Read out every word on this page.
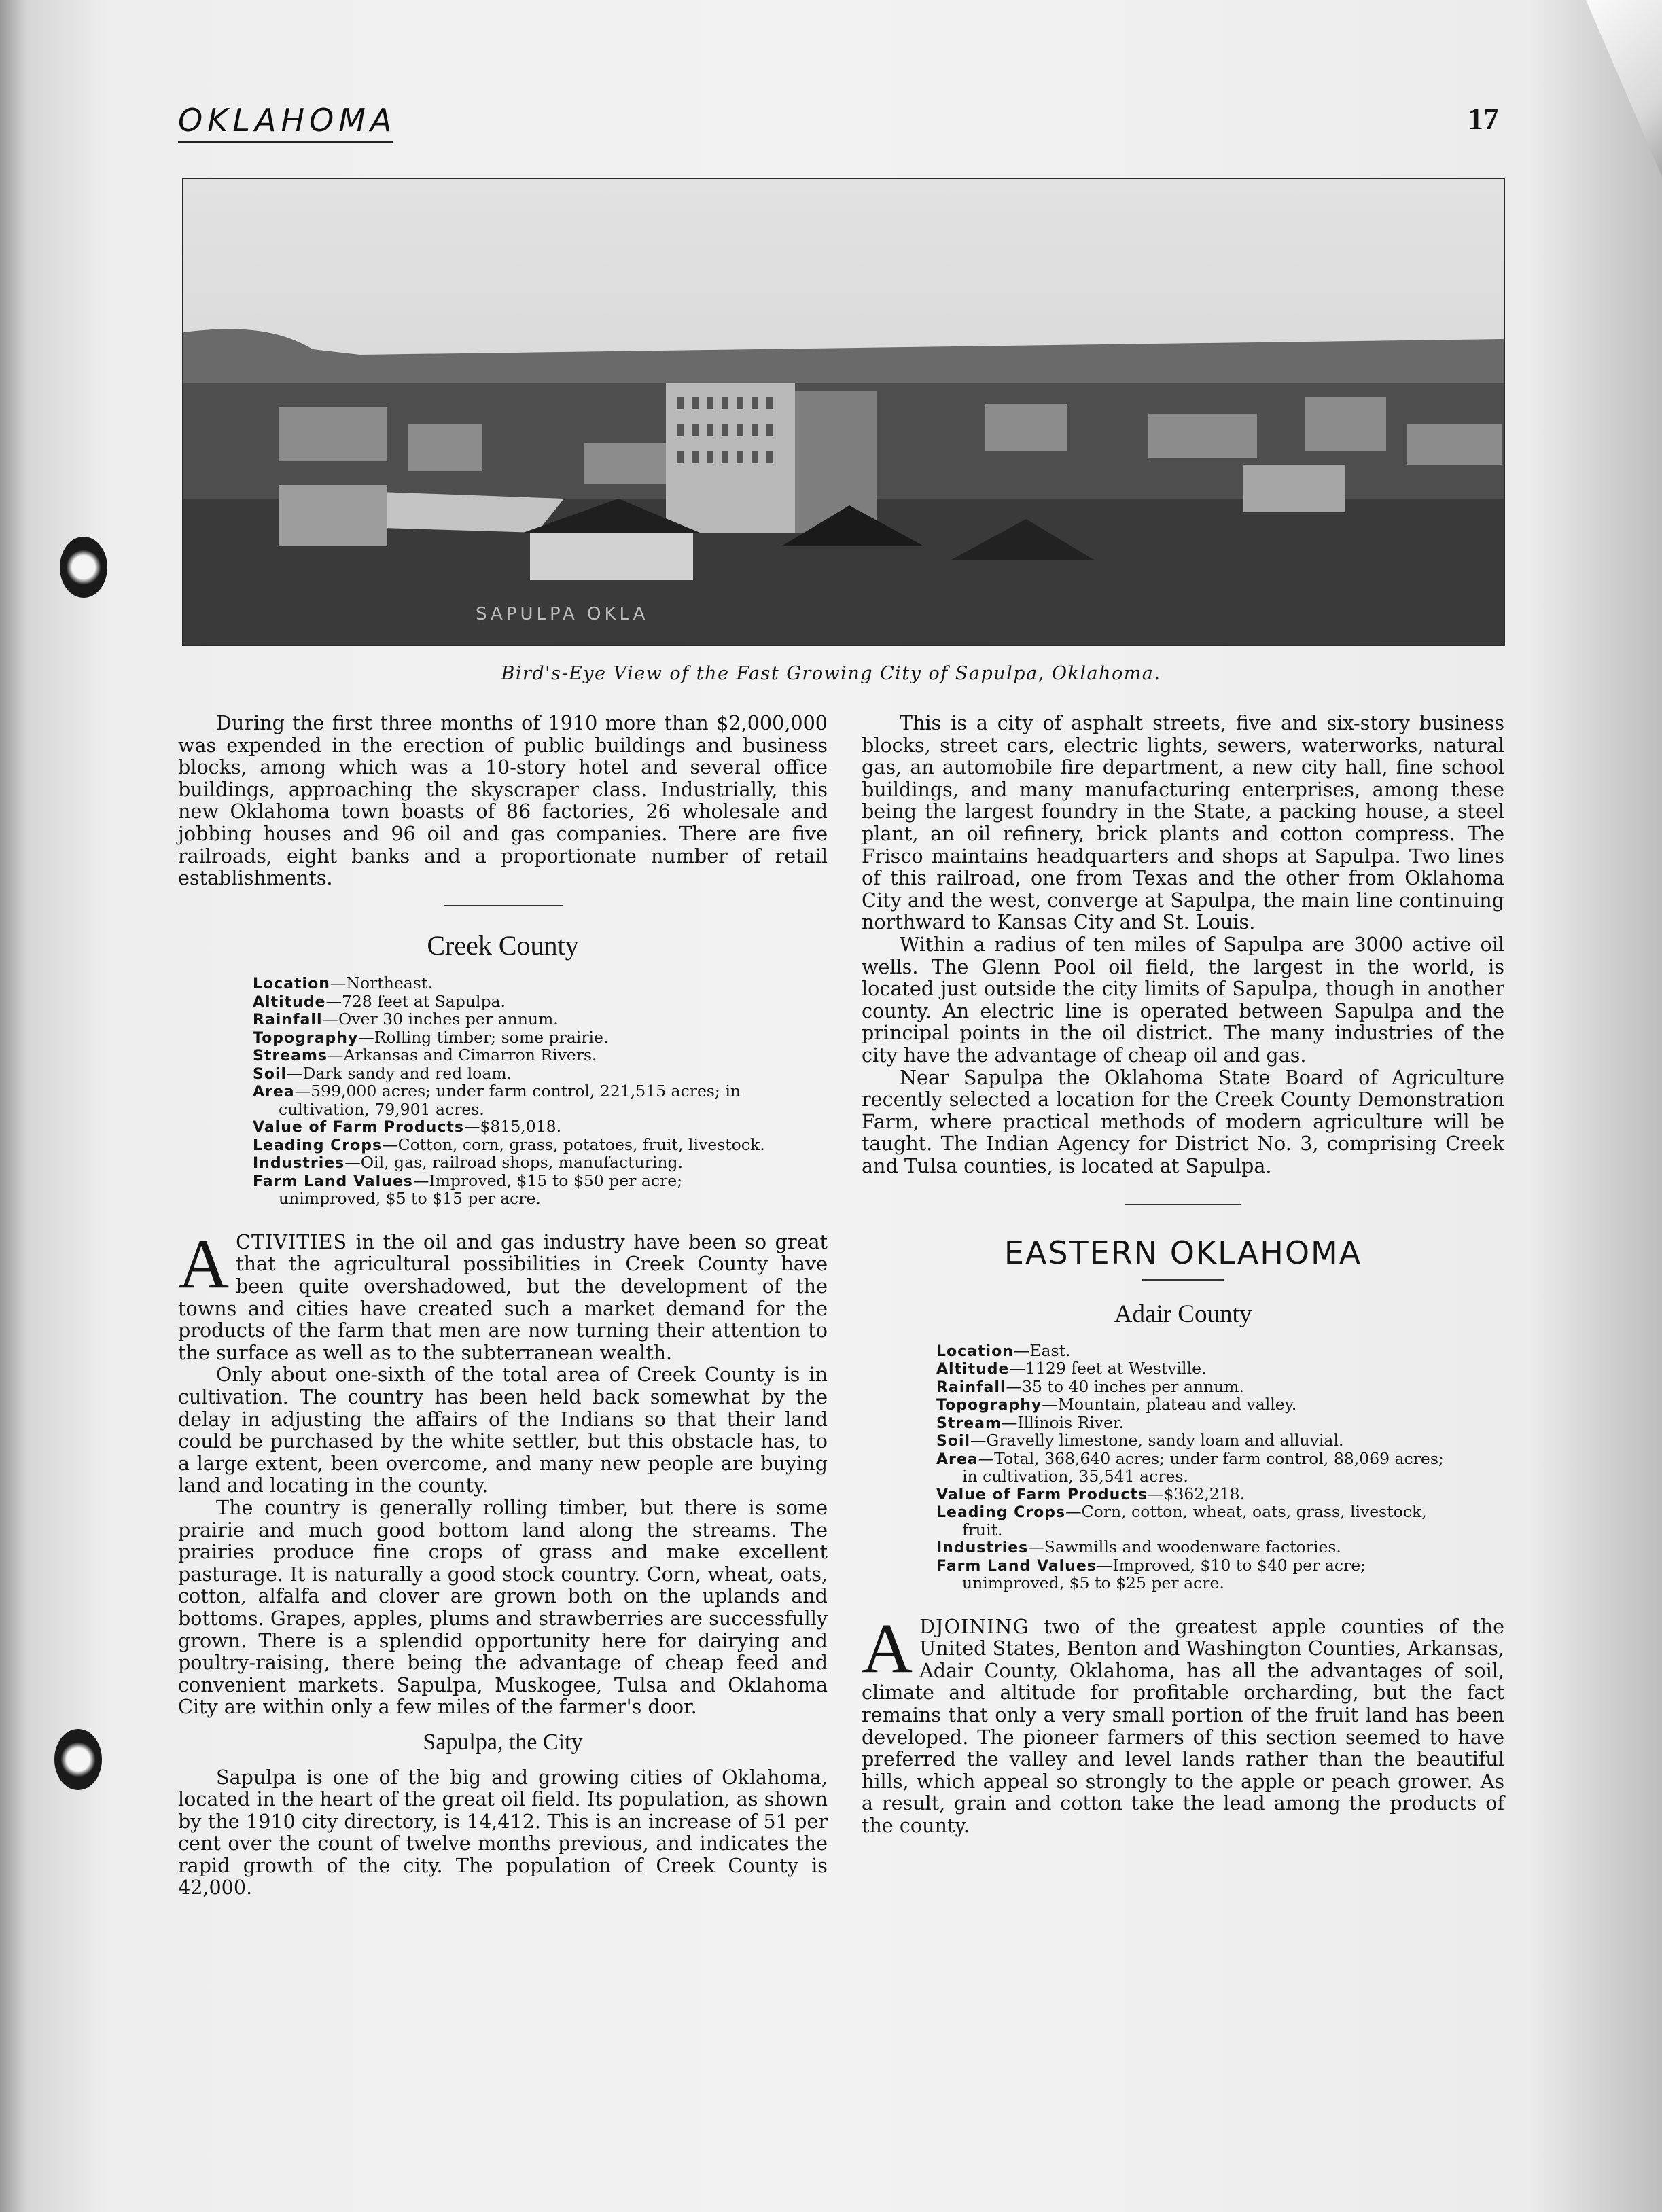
OKLAHOMA	17
SAPULPA OKLA
Bird's-Eye View of the Fast Growing City of Sapulpa, Oklahoma.

During the first three months of 1910 more than $2,000,000 was expended in the erection of public buildings and business blocks, among which was a 10-story hotel and several office buildings, approaching the skyscraper class. Industrially, this new Oklahoma town boasts of 86 factories, 26 wholesale and jobbing houses and 96 oil and gas companies. There are five railroads, eight banks and a proportionate number of retail establishments.

Creek County
Location—Northeast.
Altitude—728 feet at Sapulpa.
Rainfall—Over 30 inches per annum.
Topography—Rolling timber; some prairie.
Streams—Arkansas and Cimarron Rivers.
Soil—Dark sandy and red loam.
Area—599,000 acres; under farm control, 221,515 acres; in cultivation, 79,901 acres.
Value of Farm Products—$815,018.
Leading Crops—Cotton, corn, grass, potatoes, fruit, livestock.
Industries—Oil, gas, railroad shops, manufacturing.
Farm Land Values—Improved, $15 to $50 per acre; unimproved, $5 to $15 per acre.

ACTIVITIES in the oil and gas industry have been so great that the agricultural possibilities in Creek County have been quite overshadowed, but the development of the towns and cities have created such a market demand for the products of the farm that men are now turning their attention to the surface as well as to the subterranean wealth.

Only about one-sixth of the total area of Creek County is in cultivation. The country has been held back somewhat by the delay in adjusting the affairs of the Indians so that their land could be purchased by the white settler, but this obstacle has, to a large extent, been overcome, and many new people are buying land and locating in the county.

The country is generally rolling timber, but there is some prairie and much good bottom land along the streams. The prairies produce fine crops of grass and make excellent pasturage. It is naturally a good stock country. Corn, wheat, oats, cotton, alfalfa and clover are grown both on the uplands and bottoms. Grapes, apples, plums and strawberries are successfully grown. There is a splendid opportunity here for dairying and poultry-raising, there being the advantage of cheap feed and convenient markets. Sapulpa, Muskogee, Tulsa and Oklahoma City are within only a few miles of the farmer's door.

Sapulpa, the City

Sapulpa is one of the big and growing cities of Oklahoma, located in the heart of the great oil field. Its population, as shown by the 1910 city directory, is 14,412. This is an increase of 51 per cent over the count of twelve months previous, and indicates the rapid growth of the city. The population of Creek County is 42,000.

This is a city of asphalt streets, five and six-story business blocks, street cars, electric lights, sewers, waterworks, natural gas, an automobile fire department, a new city hall, fine school buildings, and many manufacturing enterprises, among these being the largest foundry in the State, a packing house, a steel plant, an oil refinery, brick plants and cotton compress. The Frisco maintains headquarters and shops at Sapulpa. Two lines of this railroad, one from Texas and the other from Oklahoma City and the west, converge at Sapulpa, the main line continuing northward to Kansas City and St. Louis.

Within a radius of ten miles of Sapulpa are 3000 active oil wells. The Glenn Pool oil field, the largest in the world, is located just outside the city limits of Sapulpa, though in another county. An electric line is operated between Sapulpa and the principal points in the oil district. The many industries of the city have the advantage of cheap oil and gas.

Near Sapulpa the Oklahoma State Board of Agriculture recently selected a location for the Creek County Demonstration Farm, where practical methods of modern agriculture will be taught. The Indian Agency for District No. 3, comprising Creek and Tulsa counties, is located at Sapulpa.

EASTERN OKLAHOMA
Adair County
Location—East.
Altitude—1129 feet at Westville.
Rainfall—35 to 40 inches per annum.
Topography—Mountain, plateau and valley.
Stream—Illinois River.
Soil—Gravelly limestone, sandy loam and alluvial.
Area—Total, 368,640 acres; under farm control, 88,069 acres; in cultivation, 35,541 acres.
Value of Farm Products—$362,218.
Leading Crops—Corn, cotton, wheat, oats, grass, livestock, fruit.
Industries—Sawmills and woodenware factories.
Farm Land Values—Improved, $10 to $40 per acre; unimproved, $5 to $25 per acre.

ADJOINING two of the greatest apple counties of the United States, Benton and Washington Counties, Arkansas, Adair County, Oklahoma, has all the advantages of soil, climate and altitude for profitable orcharding, but the fact remains that only a very small portion of the fruit land has been developed. The pioneer farmers of this section seemed to have preferred the valley and level lands rather than the beautiful hills, which appeal so strongly to the apple or peach grower. As a result, grain and cotton take the lead among the products of the county.
